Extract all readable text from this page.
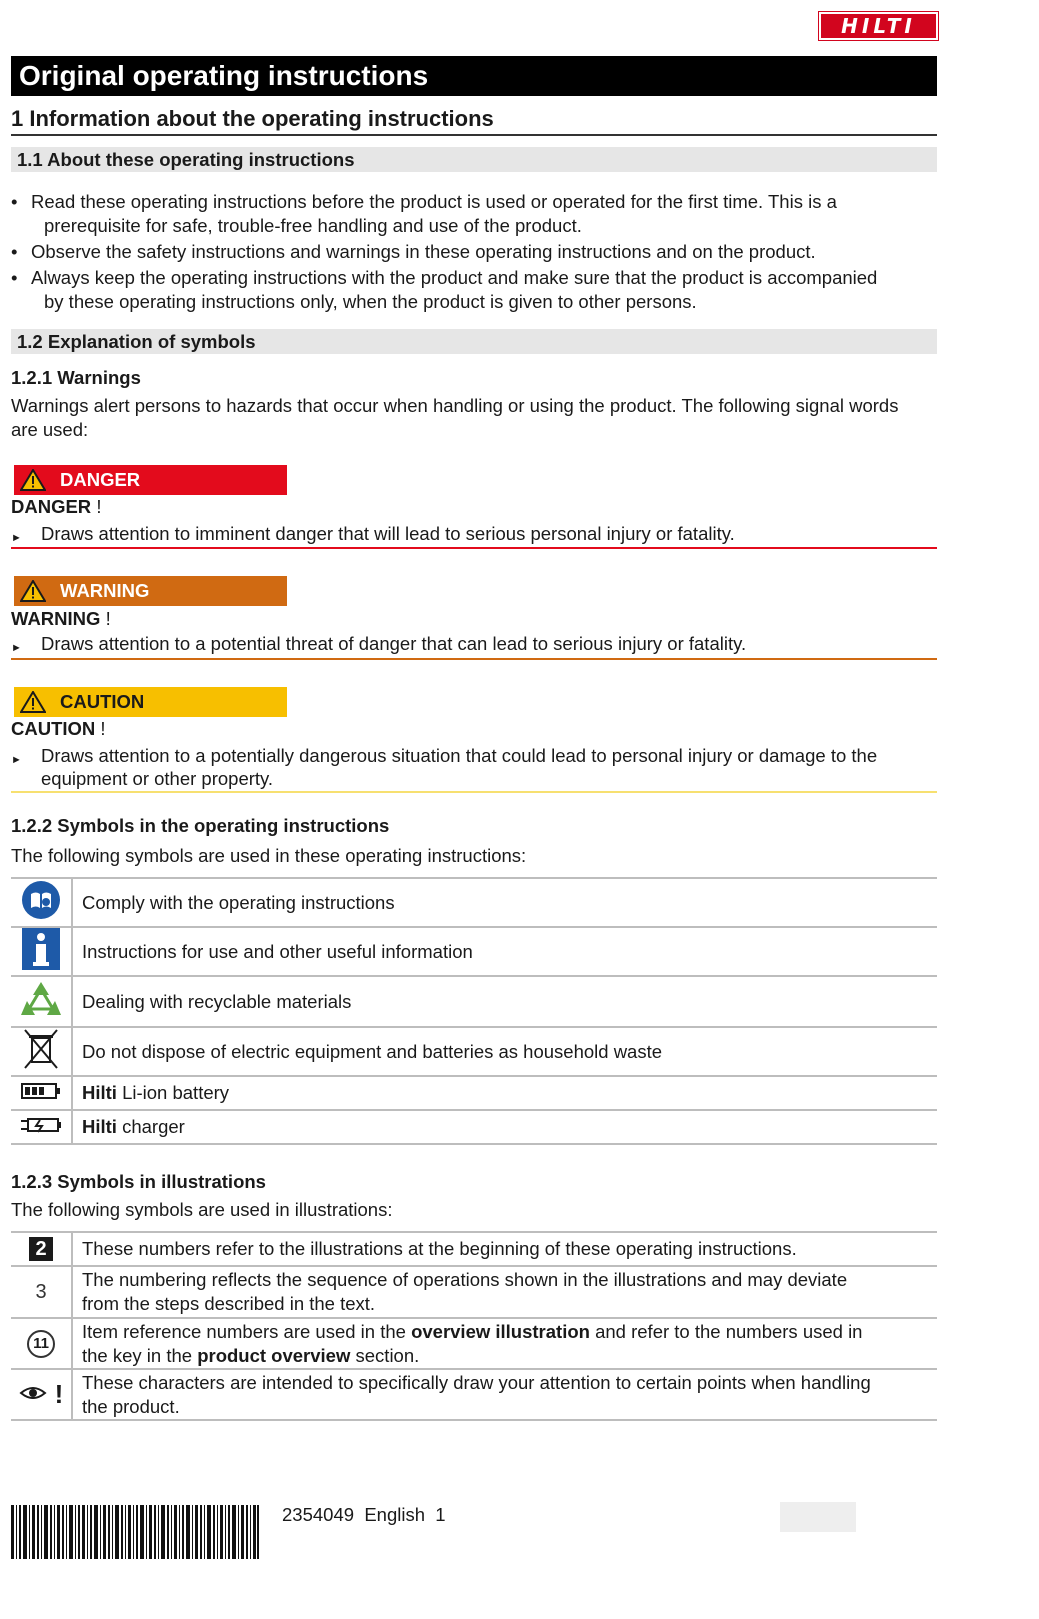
HILTI
Original operating instructions
1 Information about the operating instructions
1.1 About these operating instructions
• Read these operating instructions before the product is used or operated for the first time. This is a
prerequisite for safe, trouble-free handling and use of the product.
• Observe the safety instructions and warnings in these operating instructions and on the product.
• Always keep the operating instructions with the product and make sure that the product is accompanied
by these operating instructions only, when the product is given to other persons.
1.2 Explanation of symbols
1.2.1 Warnings
Warnings alert persons to hazards that occur when handling or using the product. The following signal words
are used:
DANGER
DANGER !
►	Draws attention to imminent danger that will lead to serious personal injury or fatality.
WARNING
WARNING !
►	Draws attention to a potential threat of danger that can lead to serious injury or fatality.
CAUTION
CAUTION !
►	Draws attention to a potentially dangerous situation that could lead to personal injury or damage to the
equipment or other property.
1.2.2 Symbols in the operating instructions
The following symbols are used in these operating instructions:
	Comply with the operating instructions
	Instructions for use and other useful information
	Dealing with recyclable materials
	Do not dispose of electric equipment and batteries as household waste
	Hilti Li-ion battery
	Hilti charger
1.2.3 Symbols in illustrations
The following symbols are used in illustrations:
2	These numbers refer to the illustrations at the beginning of these operating instructions.
3	The numbering reflects the sequence of operations shown in the illustrations and may deviate
from the steps described in the text.
11	Item reference numbers are used in the overview illustration and refer to the numbers used in
the key in the product overview section.
!	These characters are intended to specifically draw your attention to certain points when handling
the product.
2354049 English 1
